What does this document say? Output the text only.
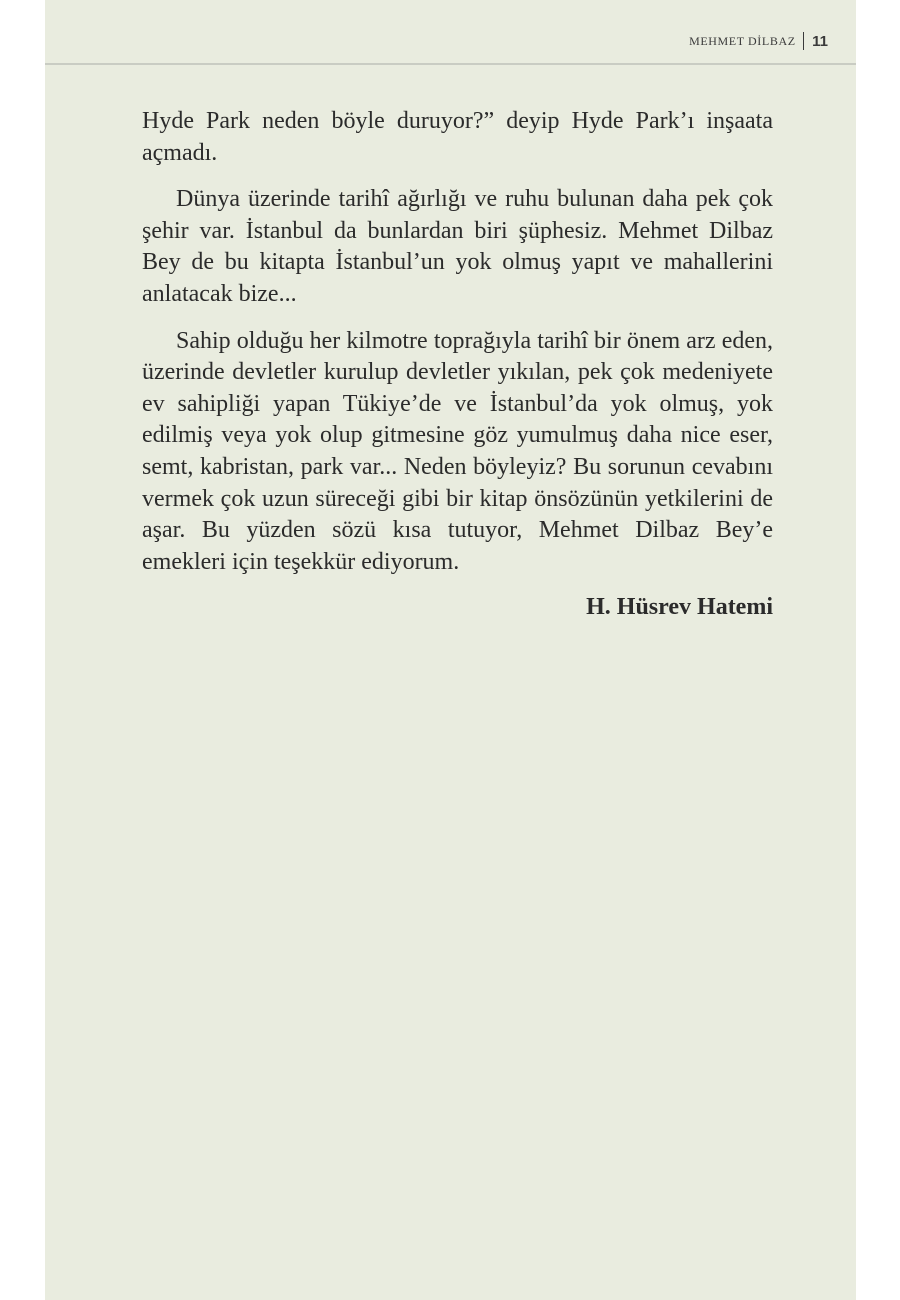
MEHMET DİLBAZ 11

Hyde Park neden böyle duruyor?” deyip Hyde Park’ı inşaata açmadı.

Dünya üzerinde tarihî ağırlığı ve ruhu bulunan daha pek çok şehir var. İstanbul da bunlardan biri şüphesiz. Mehmet Dilbaz Bey de bu kitapta İstanbul’un yok olmuş yapıt ve mahallerini anlatacak bize...

Sahip olduğu her kilmotre toprağıyla tarihî bir önem arz eden, üzerinde devletler kurulup devletler yıkılan, pek çok medeniyete ev sahipliği yapan Tükiye’de ve İstanbul’da yok olmuş, yok edilmiş veya yok olup gitmesine göz yumulmuş daha nice eser, semt, kabristan, park var... Neden böyleyiz? Bu sorunun cevabını vermek çok uzun süreceği gibi bir kitap önsözünün yetkilerini de aşar. Bu yüzden sözü kısa tutuyor, Mehmet Dilbaz Bey’e emekleri için teşekkür ediyorum.

H. Hüsrev Hatemi
